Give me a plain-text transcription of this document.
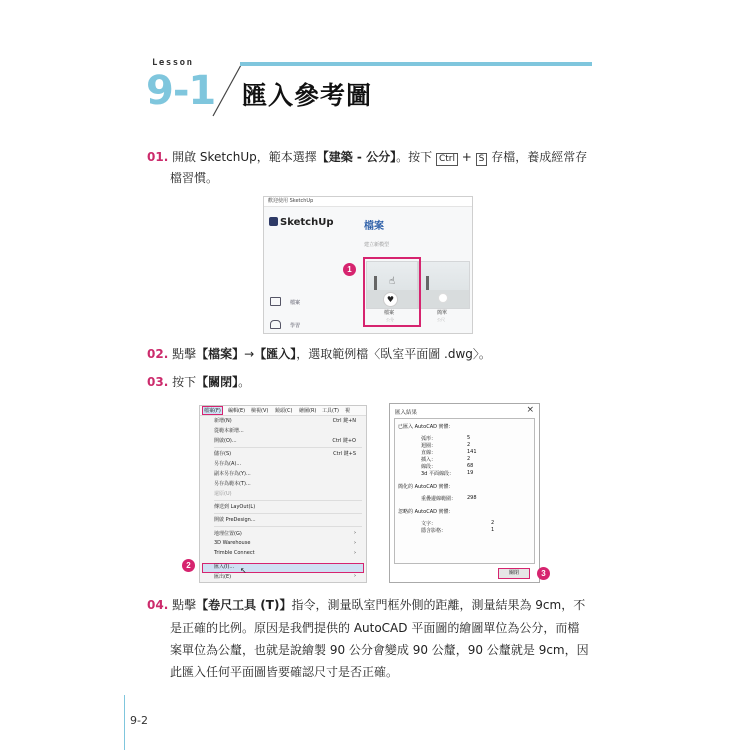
Lesson
9-1 匯入參考圖
01. 開啟 SketchUp，範本選擇【建築 - 公分】。按下 Ctrl + S 存檔，養成經常存
檔習慣。
歡迎使用 SketchUp
SketchUp	檔案
建立新模型
檔案
學習
♥
☝
檔案
公分
簡單
公尺
1
02. 點擊【檔案】→【匯入】，選取範例檔〈臥室平面圖 .dwg〉。
03. 按下【關閉】。
檔案(F)	編輯(E) 檢視(V) 鏡頭(C) 繪圖(R) 工具(T) 視
新增(N)	Ctrl 鍵+N
從範本新增...
開啟(O)...	Ctrl 鍵+O
儲存(S)	Ctrl 鍵+S
另存為(A)...
副本另存為(Y)...
另存為範本(T)...
還原(U)
傳送到 LayOut(L)
開啟 PreDesign...
地理位置(G)	›
3D Warehouse	›
Trimble Connect	›
匯入(I)...
匯出(E)	›
↖
2
匯入結果	×
已匯入 AutoCAD 實體：
弧形：	5
迴圈：	2
直線：	141
插入：	2
線段：	68
3d 平面線段：	19
簡化的 AutoCAD 實體：
重疊邊線範圍： 298
忽略的 AutoCAD 實體：
文字：	2
隱含影格：	1
關閉	3
04. 點擊【卷尺工具 (T)】指令，測量臥室門框外側的距離，測量結果為 9cm，不
是正確的比例。原因是我們提供的 AutoCAD 平面圖的繪圖單位為公分，而檔
案單位為公釐，也就是說繪製 90 公分會變成 90 公釐，90 公釐就是 9cm，因
此匯入任何平面圖皆要確認尺寸是否正確。
9-2
